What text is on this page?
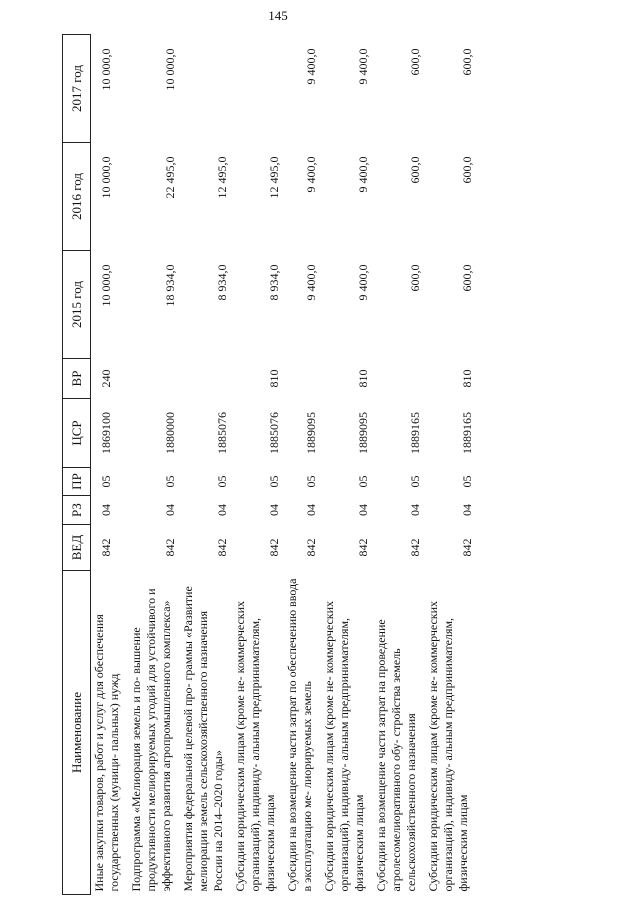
145
Наименование	ВЕД	РЗ	ПР	ЦСР	ВР	2015 год	2016 год	2017 год
Иные закупки товаров, работ и услуг для обеспечения государственных (муници- пальных) нужд	842	04	05	1869100	240	10 000,0	10 000,0	10 000,0
Подпрограмма «Мелиорация земель и по- вышение продуктивности мелиорируемых угодий для устойчивого и эффективного развития агропромышленного комплекса»	842	04	05	1880000		18 934,0	22 495,0	10 000,0
Мероприятия федеральной целевой про- граммы «Развитие мелиорации земель сельскохозяйственного назначения России на 2014–2020 годы»	842	04	05	1885076		8 934,0	12 495,0	
Субсидии юридическим лицам (кроме не- коммерческих организаций), индивиду- альным предпринимателям, физическим лицам	842	04	05	1885076	810	8 934,0	12 495,0	
Субсидии на возмещение части затрат по обеспечению ввода в эксплуатацию ме- лиорируемых земель	842	04	05	1889095		9 400,0	9 400,0	9 400,0
Субсидии юридическим лицам (кроме не- коммерческих организаций), индивиду- альным предпринимателям, физическим лицам	842	04	05	1889095	810	9 400,0	9 400,0	9 400,0
Субсидии на возмещение части затрат на проведение агролесомелиоративного обу- стройства земель сельскохозяйственного назначения	842	04	05	1889165		600,0	600,0	600,0
Субсидии юридическим лицам (кроме не- коммерческих организаций), индивиду- альным предпринимателям, физическим лицам	842	04	05	1889165	810	600,0	600,0	600,0
